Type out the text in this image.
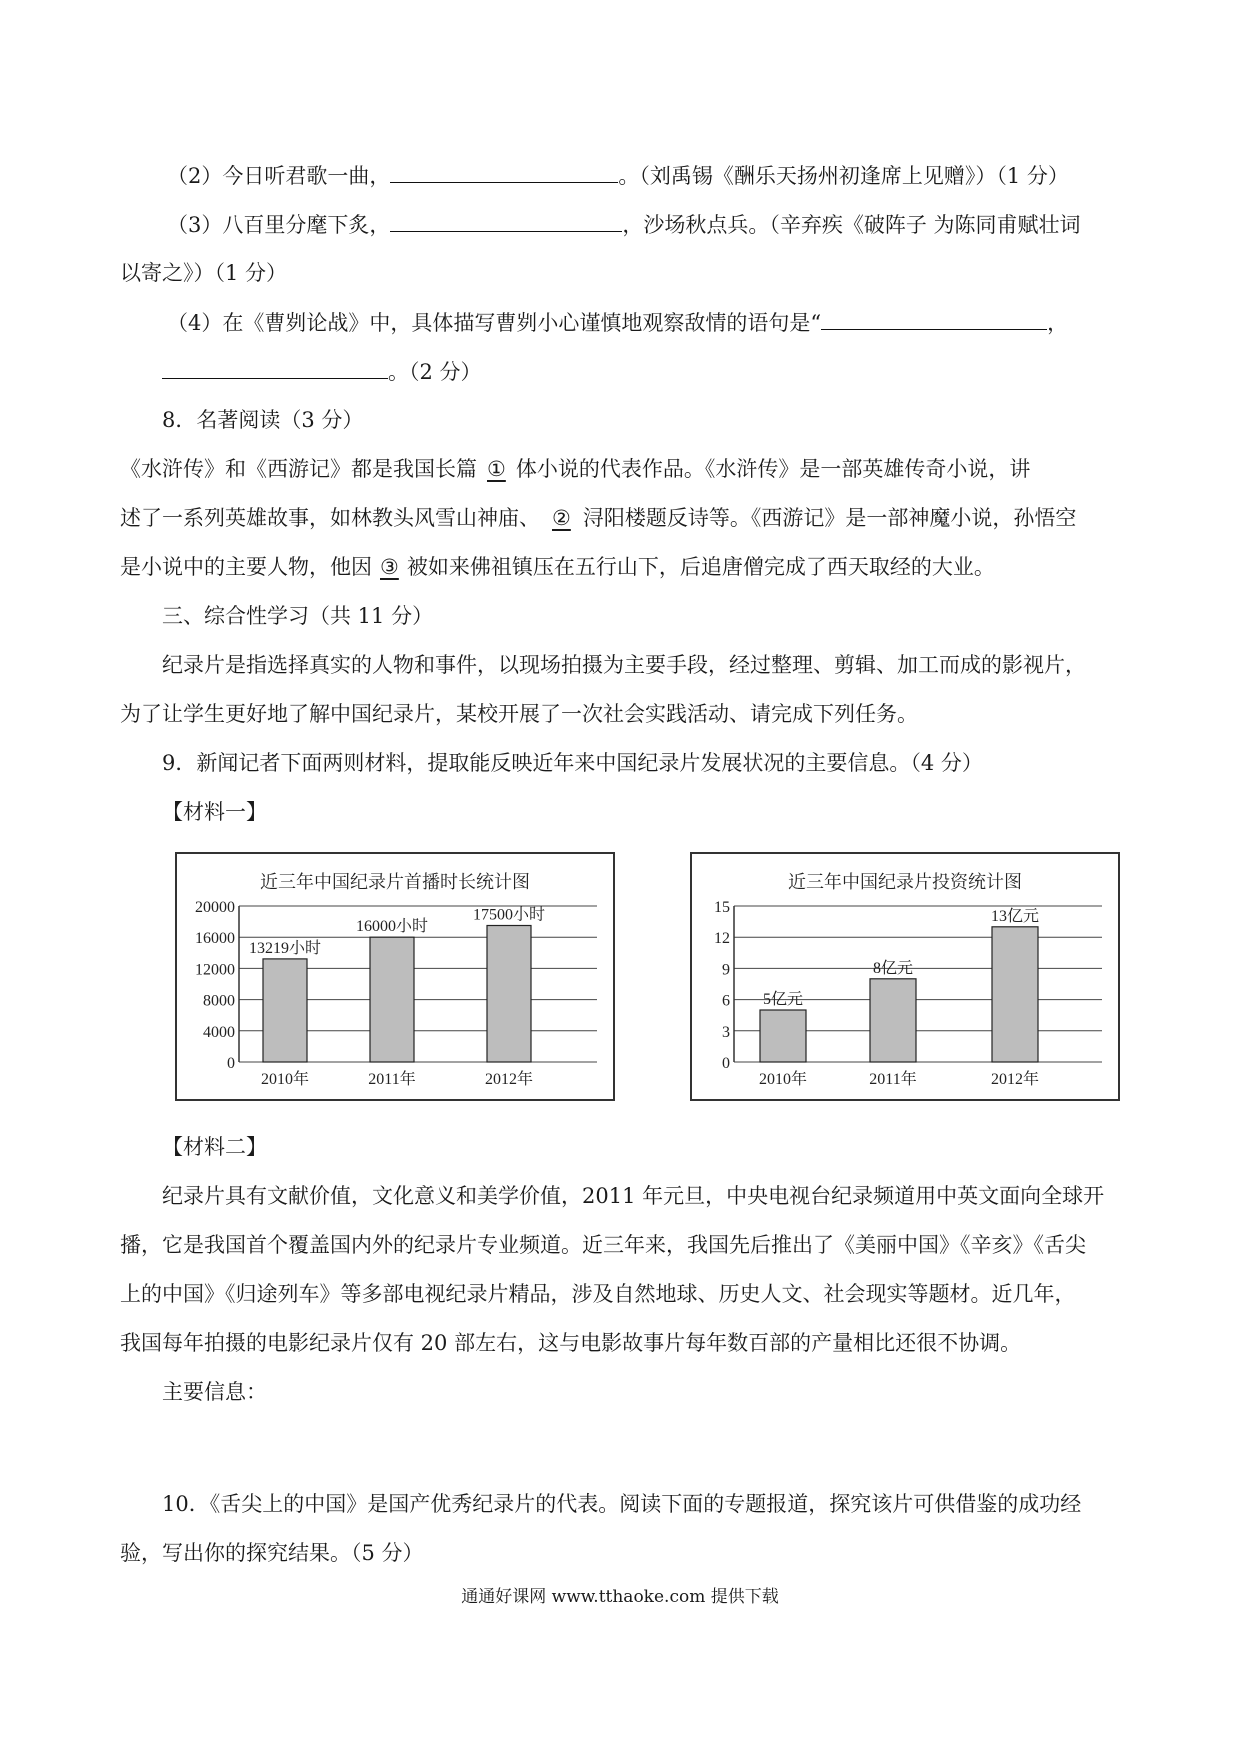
（2）今日听君歌一曲，	。（刘禹锡《酬乐天扬州初逢席上见赠》）（1 分）
（3）八百里分麾下炙，	，沙场秋点兵。（辛弃疾《破阵子 为陈同甫赋壮词
以寄之》）（1 分）
（4）在《曹刿论战》中，具体描写曹刿小心谨慎地观察敌情的语句是“	，
。（2 分）
8．名著阅读（3 分）
《水浒传》和《西游记》都是我国长篇 ① 体小说的代表作品。《水浒传》是一部英雄传奇小说，讲
述了一系列英雄故事，如林教头风雪山神庙、 ② 浔阳楼题反诗等。《西游记》是一部神魔小说，孙悟空
是小说中的主要人物，他因 ③ 被如来佛祖镇压在五行山下，后追唐僧完成了西天取经的大业。
三、综合性学习（共 11 分）
纪录片是指选择真实的人物和事件，以现场拍摄为主要手段，经过整理、剪辑、加工而成的影视片，
为了让学生更好地了解中国纪录片，某校开展了一次社会实践活动、请完成下列任务。
9．新闻记者下面两则材料，提取能反映近年来中国纪录片发展状况的主要信息。（4 分）
【材料一】
近三年中国纪录片首播时长统计图
0
4000
8000
12000
16000
20000
13219小时
2010年
16000小时
2011年
17500小时
2012年
近三年中国纪录片投资统计图
0
3
6
9
12
15
5亿元
2010年
8亿元
2011年
13亿元
2012年
【材料二】
纪录片具有文献价值，文化意义和美学价值，2011 年元旦，中央电视台纪录频道用中英文面向全球开
播，它是我国首个覆盖国内外的纪录片专业频道。近三年来，我国先后推出了《美丽中国》《辛亥》《舌尖
上的中国》《归途列车》等多部电视纪录片精品，涉及自然地球、历史人文、社会现实等题材。近几年，
我国每年拍摄的电影纪录片仅有 20 部左右，这与电影故事片每年数百部的产量相比还很不协调。
主要信息：
10．《舌尖上的中国》是国产优秀纪录片的代表。阅读下面的专题报道，探究该片可供借鉴的成功经
验，写出你的探究结果。（5 分）
通通好课网 www.tthaoke.com 提供下载
